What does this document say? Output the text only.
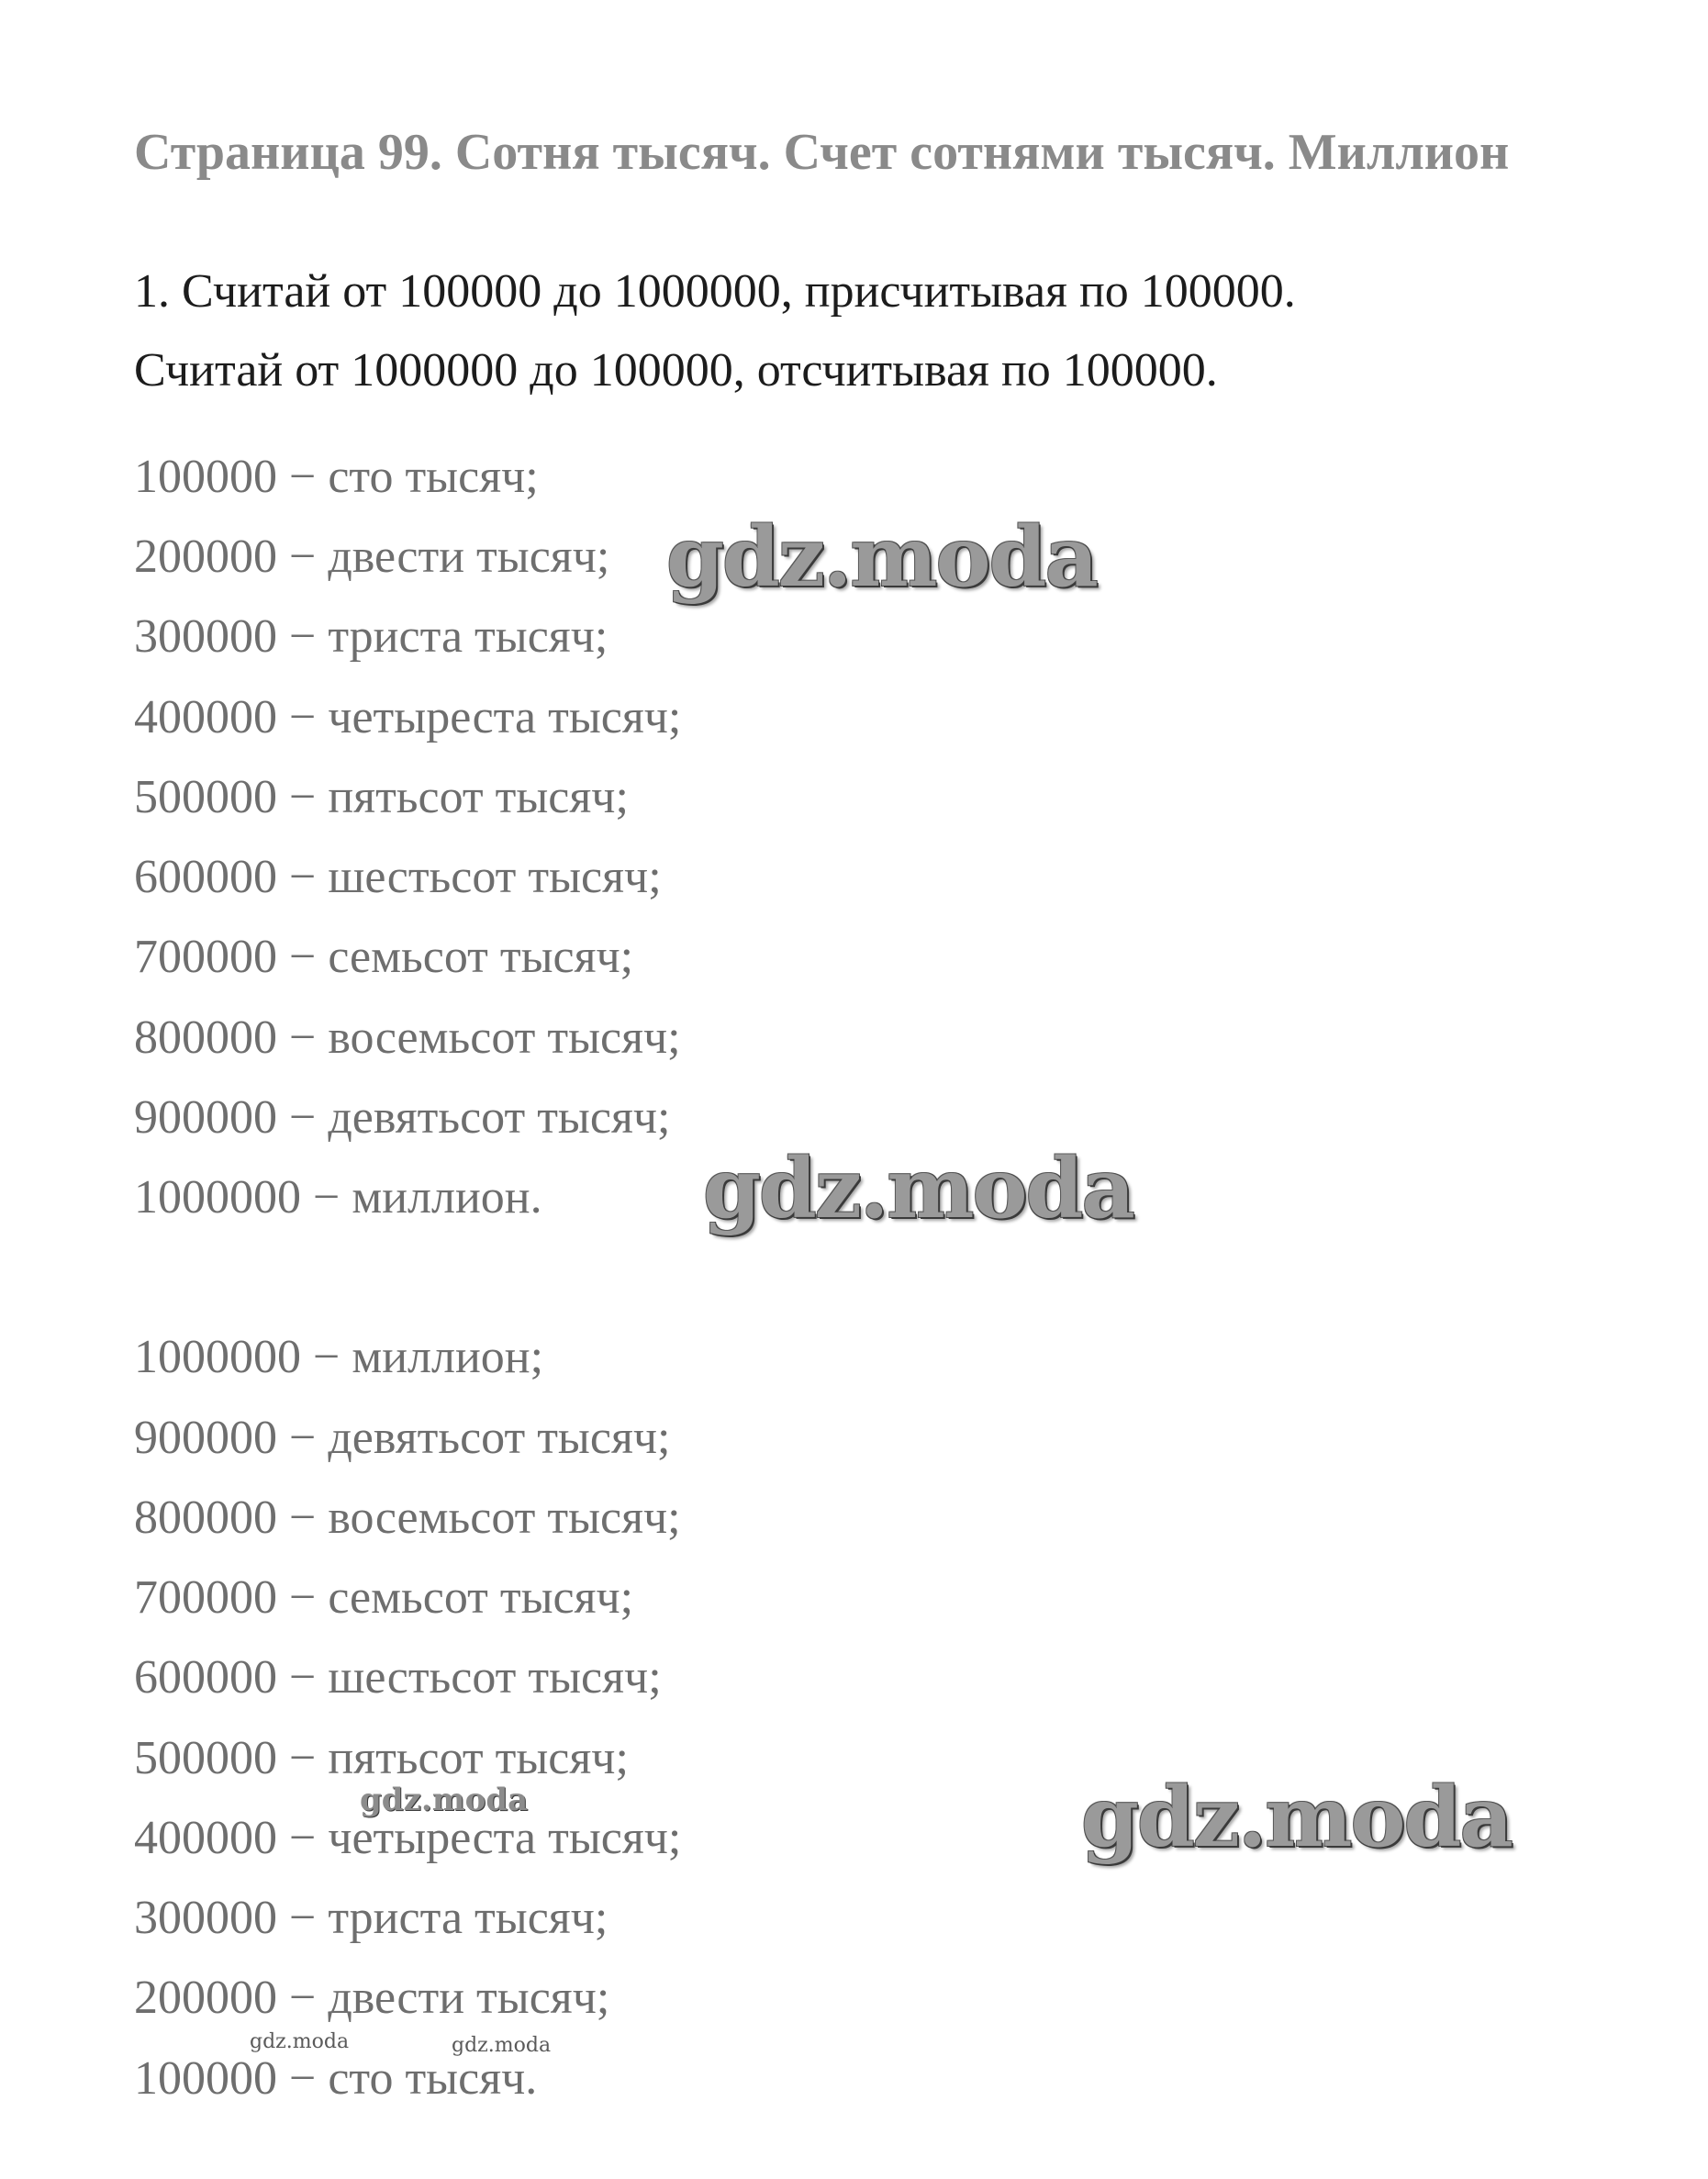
Страница 99. Сотня тысяч. Счет сотнями тысяч. Миллион
1. Считай от 100000 до 1000000, присчитывая по 100000.
Считай от 1000000 до 100000, отсчитывая по 100000.
100000 − сто тысяч;
200000 − двести тысяч;
300000 − триста тысяч;
400000 − четыреста тысяч;
500000 − пятьсот тысяч;
600000 − шестьсот тысяч;
700000 − семьсот тысяч;
800000 − восемьсот тысяч;
900000 − девятьсот тысяч;
1000000 − миллион.
1000000 − миллион;
900000 − девятьсот тысяч;
800000 − восемьсот тысяч;
700000 − семьсот тысяч;
600000 − шестьсот тысяч;
500000 − пятьсот тысяч;
400000 − четыреста тысяч;
300000 − триста тысяч;
200000 − двести тысяч;
100000 − сто тысяч.
gdz.moda
gdz.moda
gdz.moda
gdz.moda
gdz.moda	gdz.moda
